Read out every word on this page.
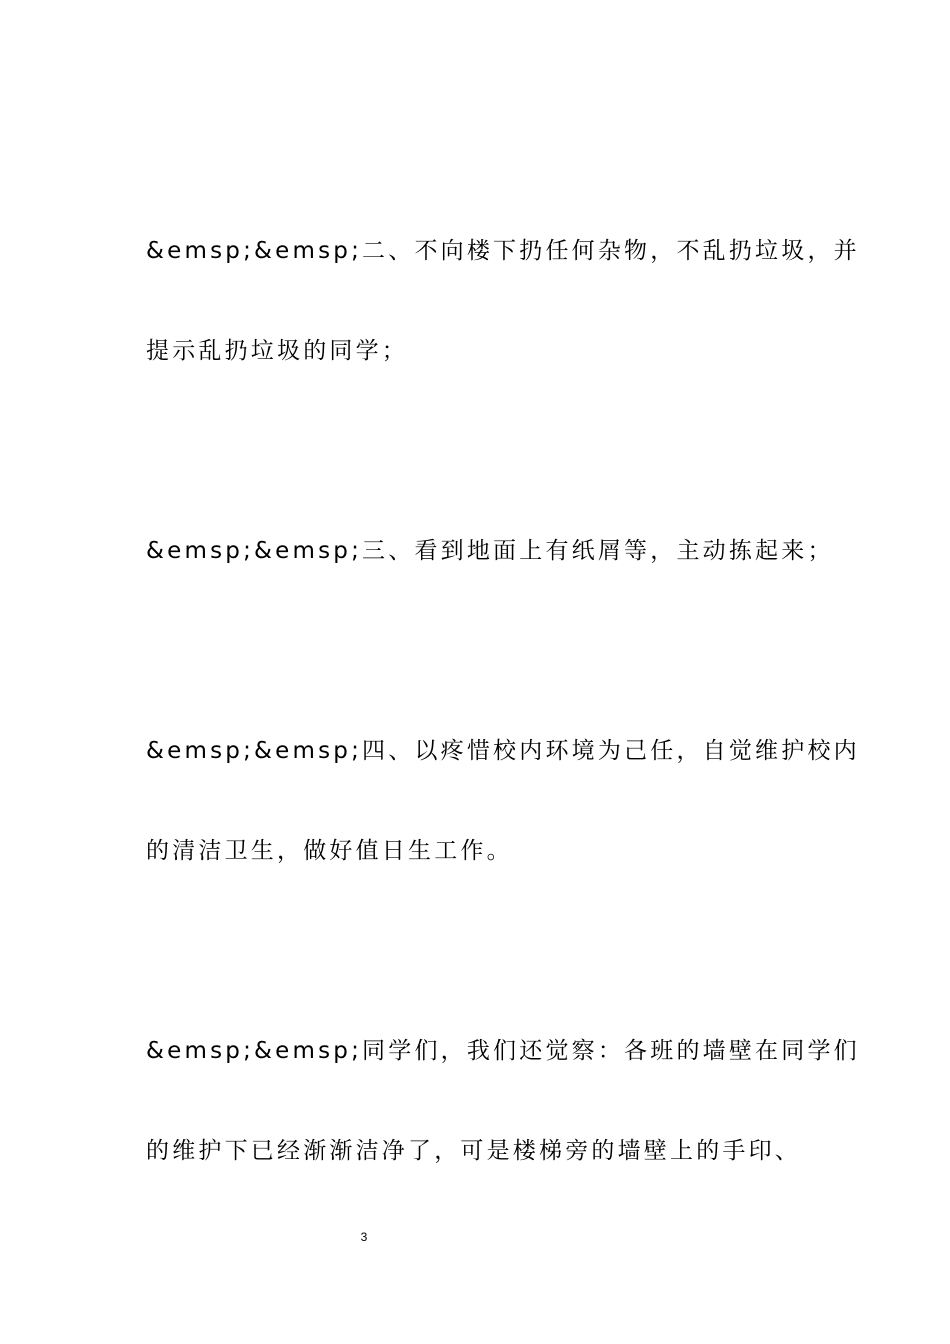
&emsp;&emsp;二、不向楼下扔任何杂物，不乱扔垃圾，并
提示乱扔垃圾的同学；
&emsp;&emsp;三、看到地面上有纸屑等，主动拣起来；
&emsp;&emsp;四、以疼惜校内环境为己任，自觉维护校内
的清洁卫生，做好值日生工作。
&emsp;&emsp;同学们，我们还觉察：各班的墙壁在同学们
的维护下已经渐渐洁净了，可是楼梯旁的墙壁上的手印、
3
